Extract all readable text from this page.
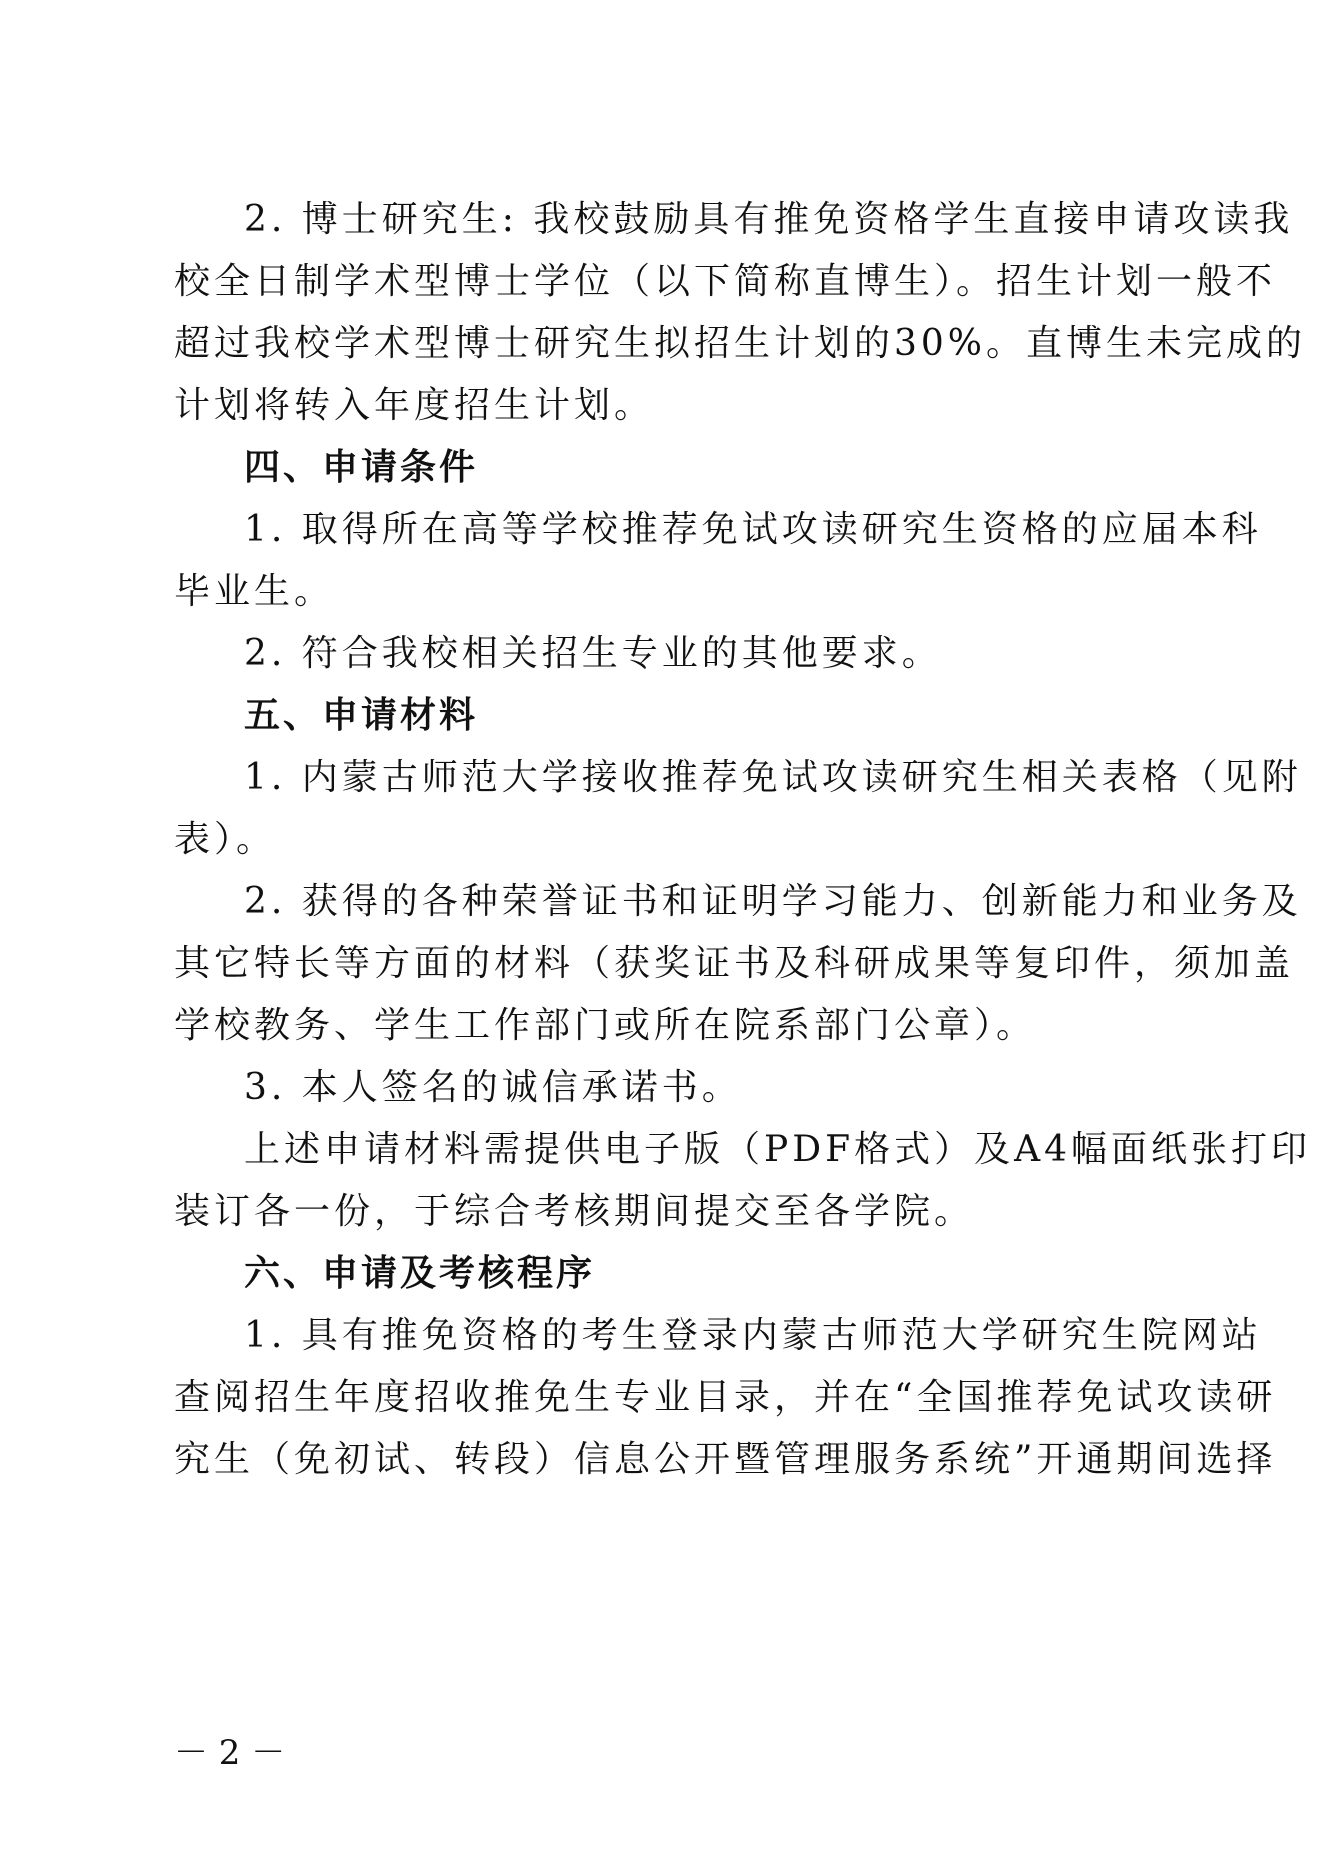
2. 博士研究生: 我校鼓励具有推免资格学生直接申请攻读我
校全日制学术型博士学位（以下简称直博生）。招生计划一般不
超过我校学术型博士研究生拟招生计划的30%。直博生未完成的
计划将转入年度招生计划。
四、申请条件
1. 取得所在高等学校推荐免试攻读研究生资格的应届本科
毕业生。
2. 符合我校相关招生专业的其他要求。
五、申请材料
1. 内蒙古师范大学接收推荐免试攻读研究生相关表格（见附
表）。
2. 获得的各种荣誉证书和证明学习能力、创新能力和业务及
其它特长等方面的材料（获奖证书及科研成果等复印件，须加盖
学校教务、学生工作部门或所在院系部门公章）。
3. 本人签名的诚信承诺书。
上述申请材料需提供电子版（PDF格式）及A4幅面纸张打印
装订各一份，于综合考核期间提交至各学院。
六、申请及考核程序
1. 具有推免资格的考生登录内蒙古师范大学研究生院网站
查阅招生年度招收推免生专业目录，并在“全国推荐免试攻读研
究生（免初试、转段）信息公开暨管理服务系统”开通期间选择
－ 2 －
